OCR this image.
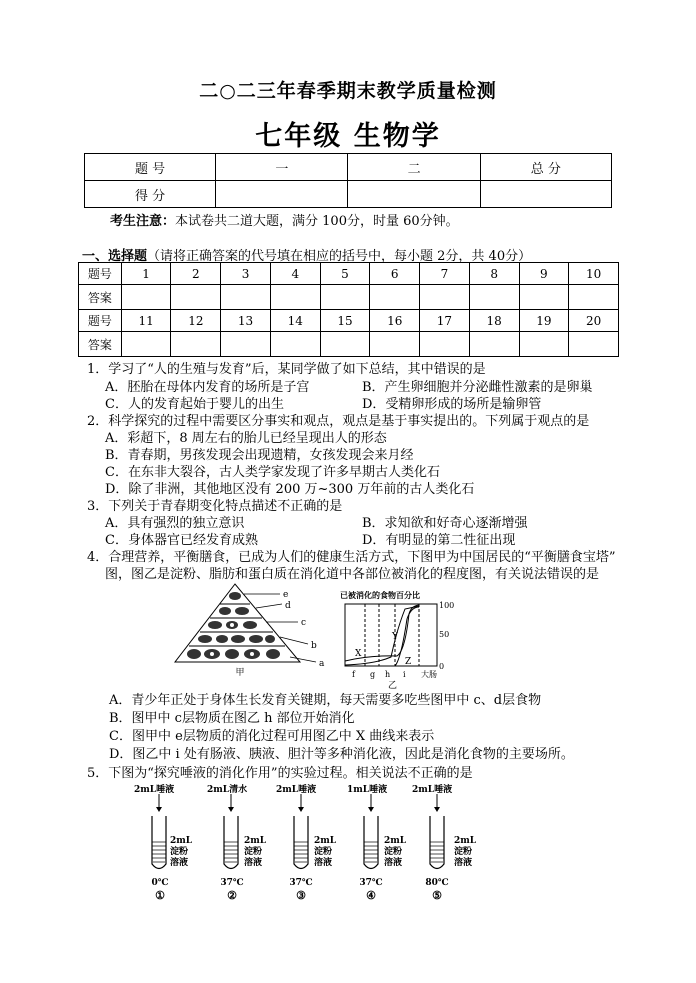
二○二三年春季期末教学质量检测
七年级 生物学
题 号	一	二	总 分
得 分			
考生注意：本试卷共二道大题，满分 100分，时量 60分钟。
一、选择题（请将正确答案的代号填在相应的括号中，每小题 2分，共 40分）
题号	1	2	3	4	5	6	7	8	9	10
答案										
题号	11	12	13	14	15	16	17	18	19	20
答案										
1．学习了“人的生殖与发育”后，某同学做了如下总结，其中错误的是
A．胚胎在母体内发育的场所是子宫	B．产生卵细胞并分泌雌性激素的是卵巢
C．人的发育起始于婴儿的出生	D．受精卵形成的场所是输卵管
2．科学探究的过程中需要区分事实和观点，观点是基于事实提出的。下列属于观点的是
A．彩超下，8 周左右的胎儿已经呈现出人的形态
B．青春期，男孩发现会出现遗精，女孩发现会来月经
C．在东非大裂谷，古人类学家发现了许多早期古人类化石
D．除了非洲，其他地区没有 200 万~300 万年前的古人类化石
3．下列关于青春期变化特点描述不正确的是
A．具有强烈的独立意识	B．求知欲和好奇心逐渐增强
C．身体器官已经发育成熟	D．有明显的第二性征出现
4．合理营养，平衡膳食，已成为人们的健康生活方式，下图甲为中国居民的“平衡膳食宝塔”
图，图乙是淀粉、脂肪和蛋白质在消化道中各部位被消化的程度图，有关说法错误的是
e
d
c
b
a
甲
已被消化的食物百分比
100
50
0
X
Y
Z
f g h i 大肠
乙
A．青少年正处于身体生长发育关键期，每天需要多吃些图甲中 c、d层食物
B．图甲中 c层物质在图乙 h 部位开始消化
C．图甲中 e层物质的消化过程可用图乙中 X 曲线来表示
D．图乙中 i 处有肠液、胰液、胆汁等多种消化液，因此是消化食物的主要场所。
5．下图为“探究唾液的消化作用”的实验过程。相关说法不正确的是
2mL唾液
2mL
淀粉
溶液
0℃
①
2mL清水
2mL
淀粉
溶液
37℃
②
2mL唾液
2mL
淀粉
溶液
37℃
③
1mL唾液
2mL
淀粉
溶液
37℃
④
2mL唾液
2mL
淀粉
溶液
80℃
⑤
